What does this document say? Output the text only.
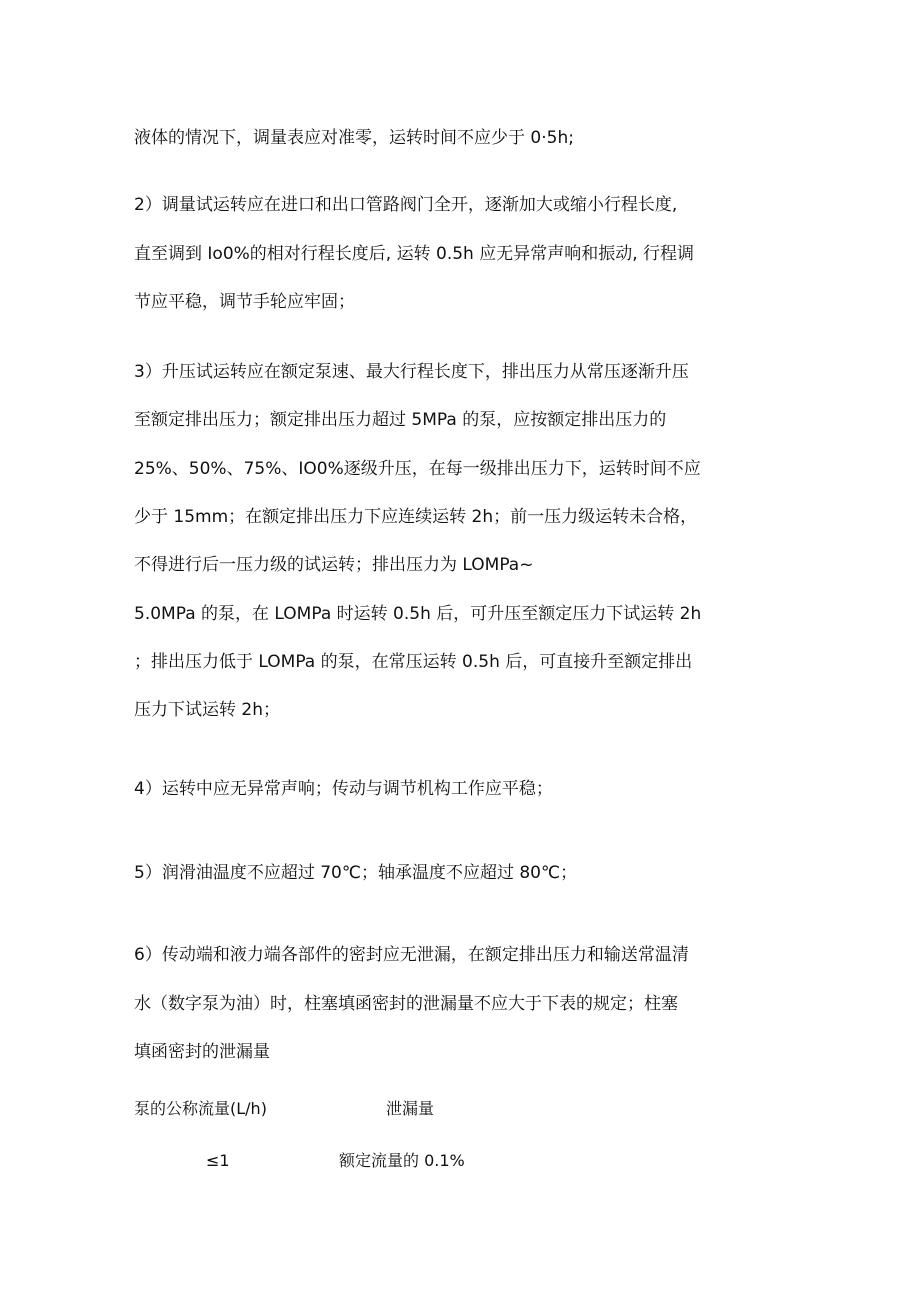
液体的情况下，调量表应对准零，运转时间不应少于 0·5h;
2）调量试运转应在进口和出口管路阀门全开，逐渐加大或缩小行程长度,
直至调到 Io0%的相对行程长度后, 运转 0.5h 应无异常声响和振动, 行程调
节应平稳，调节手轮应牢固；
3）升压试运转应在额定泵速、最大行程长度下，排出压力从常压逐渐升压
至额定排出压力；额定排出压力超过 5MPa 的泵，应按额定排出压力的
25%、50%、75%、IO0%逐级升压，在每一级排出压力下，运转时间不应
少于 15mm；在额定排出压力下应连续运转 2h；前一压力级运转未合格，
不得进行后一压力级的试运转；排出压力为 LOMPa~
5.0MPa 的泵，在 LOMPa 时运转 0.5h 后，可升压至额定压力下试运转 2h
；排出压力低于 LOMPa 的泵，在常压运转 0.5h 后，可直接升至额定排出
压力下试运转 2h；
4）运转中应无异常声响；传动与调节机构工作应平稳；
5）润滑油温度不应超过 70℃；轴承温度不应超过 80℃；
6）传动端和液力端各部件的密封应无泄漏，在额定排出压力和输送常温清
水（数字泵为油）时，柱塞填函密封的泄漏量不应大于下表的规定；柱塞
填函密封的泄漏量
泵的公称流量(L/h)	泄漏量
≤1	额定流量的 0.1%
